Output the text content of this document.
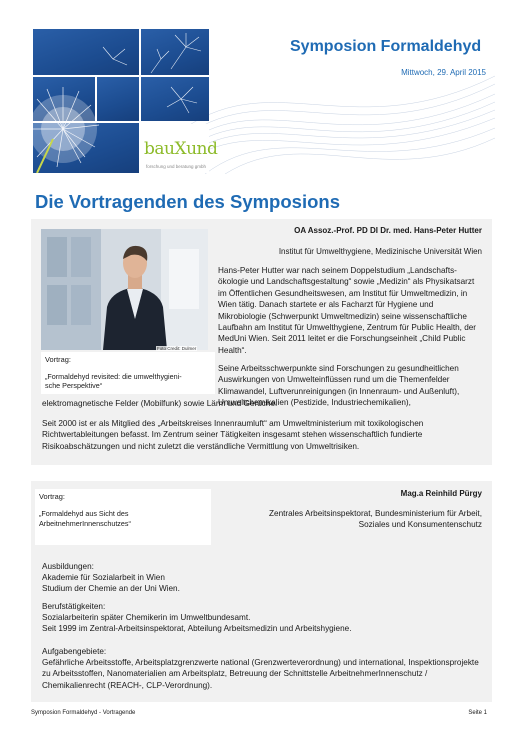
bauXund
forschung und beratung gmbh
Symposion Formaldehyd
Mittwoch, 29. April 2015
Die Vortragenden des Symposions
OA Assoz.-Prof. PD DI Dr. med. Hans-Peter Hutter
Institut für Umwelthygiene, Medizinische Universität Wien
Foto Credit: Dulmer
Vortrag:
„Formaldehyd revisited: die umwelthygieni-
sche Perspektive“
Hans-Peter Hutter war nach seinem Doppelstudium „Landschafts-ökologie und Landschaftsgestaltung“ sowie „Medizin“ als Physikatsarzt im Öffentlichen Gesundheitswesen, am Institut für Umweltmedizin, in Wien tätig. Danach startete er als Facharzt für Hygiene und Mikrobiologie (Schwerpunkt Umweltmedizin) seine wissenschaftliche Laufbahn am Institut für Umwelthygiene, Zentrum für Public Health, der MedUni Wien. Seit 2011 leitet er die Forschungseinheit „Child Public Health“.
Seine Arbeitsschwerpunkte sind Forschungen zu gesundheitlichen Auswirkungen von Umwelteinflüssen rund um die Themenfelder Klimawandel, Luftverunreinigungen (in Innenraum- und Außenluft), Umweltchemikalien (Pestizide, Industriechemikalien),
elektromagnetische Felder (Mobilfunk) sowie Lärm und Gerüche.
Seit 2000 ist er als Mitglied des „Arbeitskreises Innenraumluft“ am Umweltministerium mit toxikologischen Richtwertableitungen befasst. Im Zentrum seiner Tätigkeiten insgesamt stehen wissenschaftlich fundierte Risikoabschätzungen und nicht zuletzt die verständliche Vermittlung von Umweltrisiken.
Vortrag:
„Formaldehyd aus Sicht des
ArbeitnehmerInnenschutzes“
Mag.a Reinhild Pürgy
Zentrales Arbeitsinspektorat, Bundesministerium für Arbeit, Soziales und Konsumentenschutz
Ausbildungen:
Akademie für Sozialarbeit in Wien
Studium der Chemie an der Uni Wien.
Berufstätigkeiten:
Sozialarbeiterin später Chemikerin im Umweltbundesamt.
Seit 1999 im Zentral-Arbeitsinspektorat, Abteilung Arbeitsmedizin und Arbeitshygiene.
Aufgabengebiete:
Gefährliche Arbeitsstoffe, Arbeitsplatzgrenzwerte national (Grenzwerteverordnung) und international, Inspektionsprojekte zu Arbeitsstoffen, Nanomaterialien am Arbeitsplatz, Betreuung der Schnittstelle ArbeitnehmerInnenschutz / Chemikalienrecht (REACH-, CLP-Verordnung).
Symposion Formaldehyd - Vortragende	Seite 1
